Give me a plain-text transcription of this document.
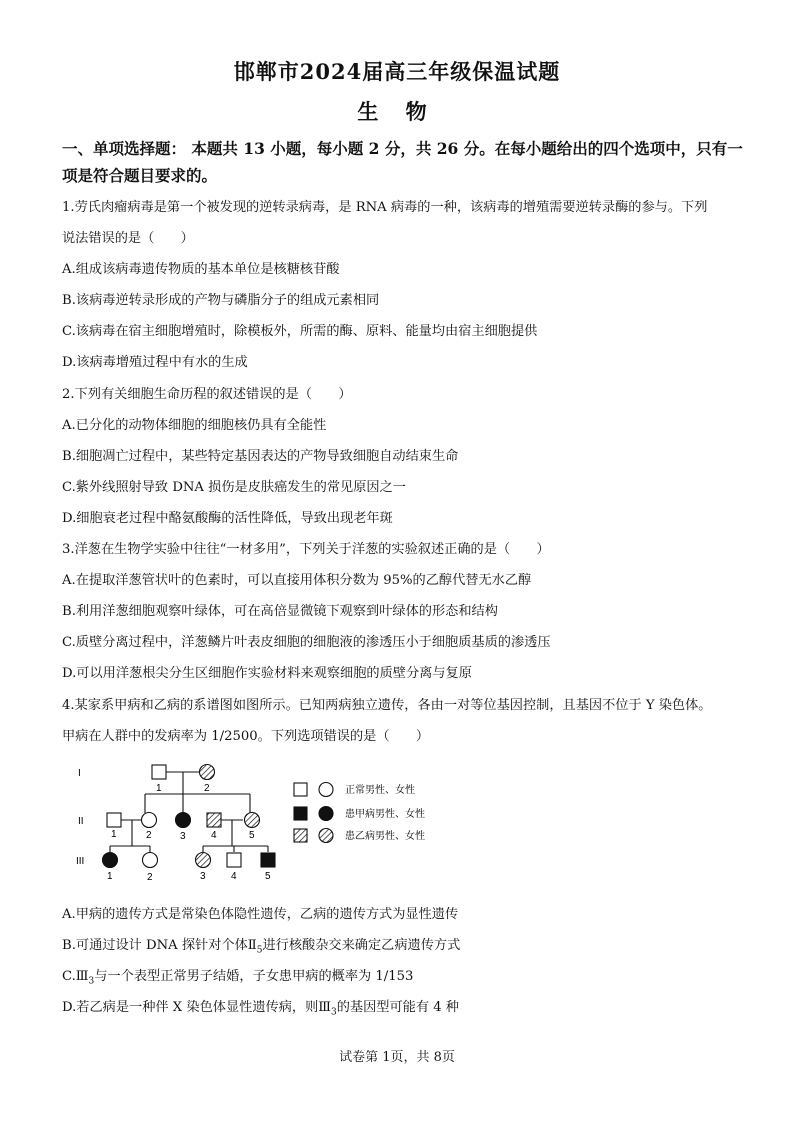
邯郸市2024届高三年级保温试题
生 物
一、单项选择题： 本题共 13 小题，每小题 2 分，共 26 分。在每小题给出的四个选项中，只有一
项是符合题目要求的。
1.劳氏肉瘤病毒是第一个被发现的逆转录病毒，是 RNA 病毒的一种，该病毒的增殖需要逆转录酶的参与。下列
说法错误的是（　　）
A.组成该病毒遗传物质的基本单位是核糖核苷酸
B.该病毒逆转录形成的产物与磷脂分子的组成元素相同
C.该病毒在宿主细胞增殖时，除模板外，所需的酶、原料、能量均由宿主细胞提供
D.该病毒增殖过程中有水的生成
2.下列有关细胞生命历程的叙述错误的是（　　）
A.已分化的动物体细胞的细胞核仍具有全能性
B.细胞凋亡过程中，某些特定基因表达的产物导致细胞自动结束生命
C.紫外线照射导致 DNA 损伤是皮肤癌发生的常见原因之一
D.细胞衰老过程中酪氨酸酶的活性降低，导致出现老年斑
3.洋葱在生物学实验中往往“一材多用”，下列关于洋葱的实验叙述正确的是（　　）
A.在提取洋葱管状叶的色素时，可以直接用体积分数为 95%的乙醇代替无水乙醇
B.利用洋葱细胞观察叶绿体，可在高倍显微镜下观察到叶绿体的形态和结构
C.质壁分离过程中，洋葱鳞片叶表皮细胞的细胞液的渗透压小于细胞质基质的渗透压
D.可以用洋葱根尖分生区细胞作实验材料来观察细胞的质壁分离与复原
4.某家系甲病和乙病的系谱图如图所示。已知两病独立遗传，各由一对等位基因控制，且基因不位于 Y 染色体。
甲病在人群中的发病率为 1/2500。下列选项错误的是（　　）
I
II
III
1	2
1	2	3	4	5
1	2	3	4	5
正常男性、女性
患甲病男性、女性
患乙病男性、女性
A.甲病的遗传方式是常染色体隐性遗传，乙病的遗传方式为显性遗传
B.可通过设计 DNA 探针对个体$Ⅱ_5$进行核酸杂交来确定乙病遗传方式
$C.Ⅲ_3$与一个表型正常男子结婚，子女患甲病的概率为 1/153
D.若乙病是一种伴 X 染色体显性遗传病，则$Ⅲ_3$的基因型可能有 4 种
试卷第 1页，共 8页
